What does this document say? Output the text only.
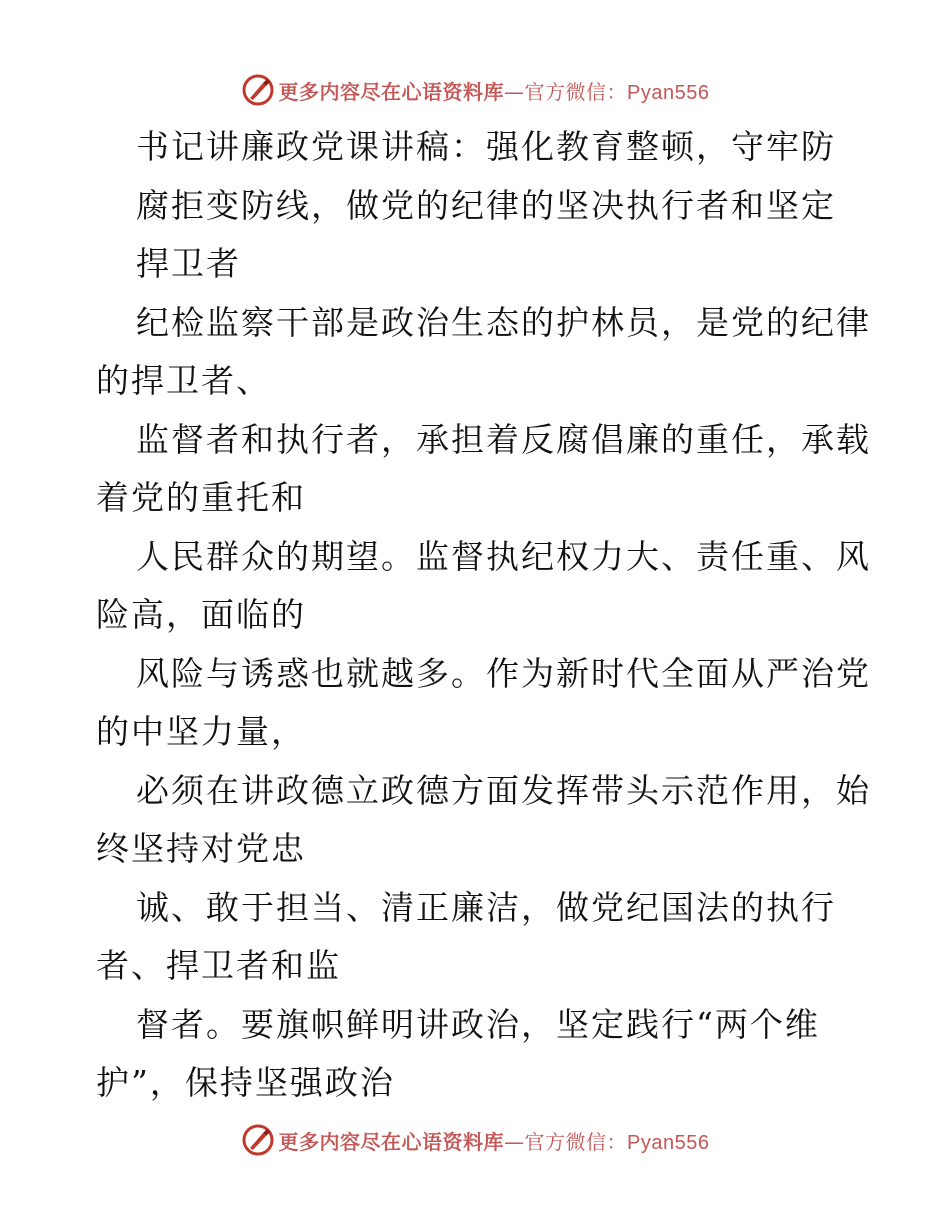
更多内容尽在心语资料库—官方微信：Pyan556
书记讲廉政党课讲稿：强化教育整顿，守牢防
腐拒变防线，做党的纪律的坚决执行者和坚定
捍卫者
纪检监察干部是政治生态的护林员，是党的纪律
的捍卫者、
监督者和执行者，承担着反腐倡廉的重任，承载
着党的重托和
人民群众的期望。监督执纪权力大、责任重、风
险高，面临的
风险与诱惑也就越多。作为新时代全面从严治党
的中坚力量，
必须在讲政德立政德方面发挥带头示范作用，始
终坚持对党忠
诚、敢于担当、清正廉洁，做党纪国法的执行
者、捍卫者和监
督者。要旗帜鲜明讲政治，坚定践行“两个维
护”，保持坚强政治
更多内容尽在心语资料库—官方微信：Pyan556
